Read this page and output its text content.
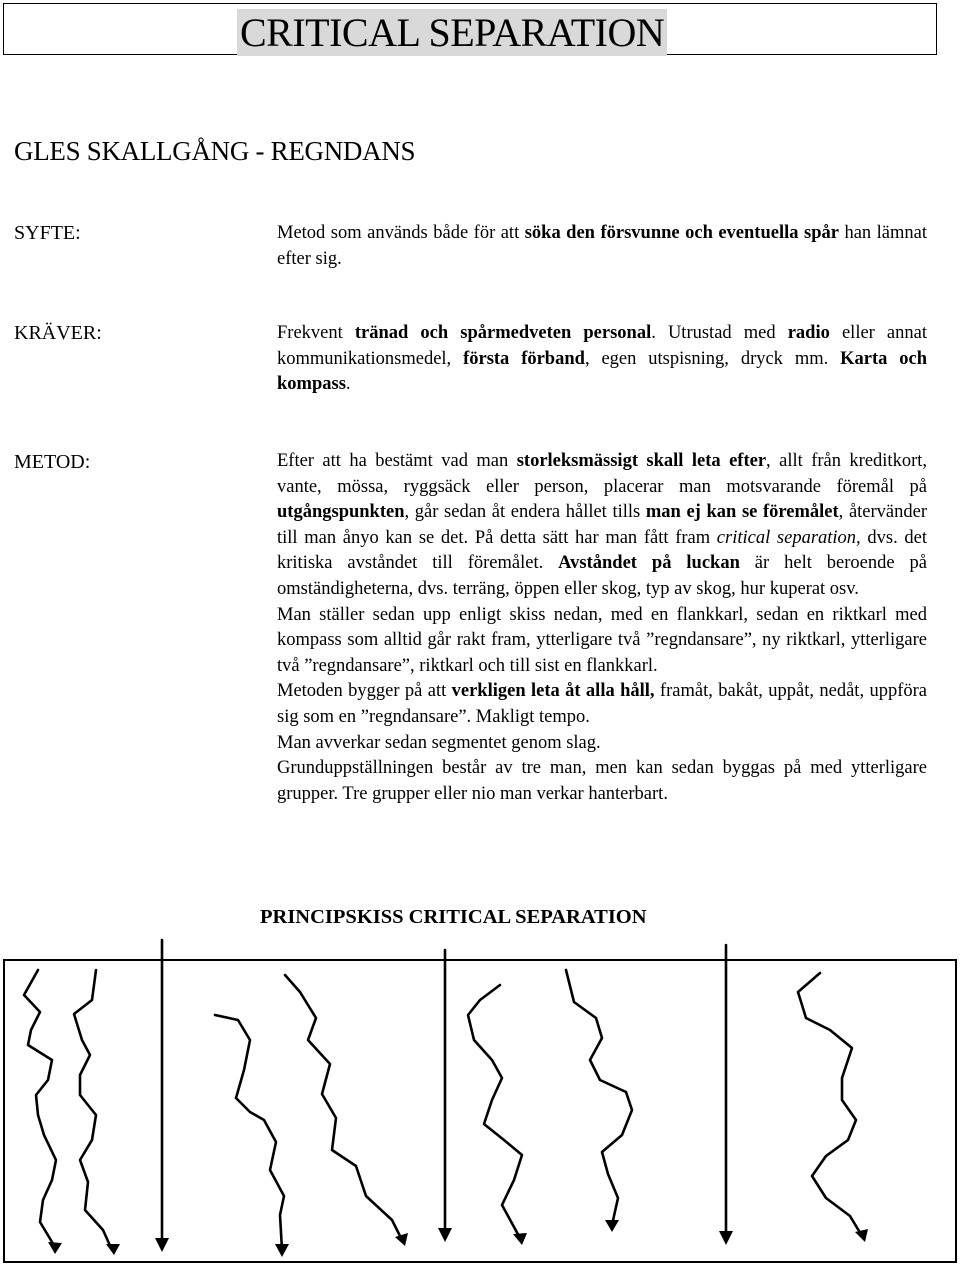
CRITICAL SEPARATION
GLES SKALLGÅNG - REGNDANS
SYFTE:	Metod som används både för att söka den försvunne och eventuella spår han lämnat efter sig.
KRÄVER:	Frekvent tränad och spårmedveten personal. Utrustad med radio eller annat kommunikationsmedel, första förband, egen utspisning, dryck mm. Karta och kompass.
METOD:	Efter att ha bestämt vad man storleksmässigt skall leta efter, allt från kreditkort, vante, mössa, ryggsäck eller person, placerar man motsvarande föremål på utgångspunkten, går sedan åt endera hållet tills man ej kan se föremålet, återvänder till man ånyo kan se det. På detta sätt har man fått fram critical separation, dvs. det kritiska avståndet till föremålet. Avståndet på luckan är helt beroende på omständigheterna, dvs. terräng, öppen eller skog, typ av skog, hur kuperat osv.

Man ställer sedan upp enligt skiss nedan, med en flankkarl, sedan en riktkarl med kompass som alltid går rakt fram, ytterligare två ”regndansare”, ny riktkarl, ytterligare två ”regndansare”, riktkarl och till sist en flankkarl.

Metoden bygger på att verkligen leta åt alla håll, framåt, bakåt, uppåt, nedåt, uppföra sig som en ”regndansare”. Makligt tempo.

Man avverkar sedan segmentet genom slag.

Grunduppställningen består av tre man, men kan sedan byggas på med ytterligare grupper. Tre grupper eller nio man verkar hanterbart.

PRINCIPSKISS CRITICAL SEPARATION
